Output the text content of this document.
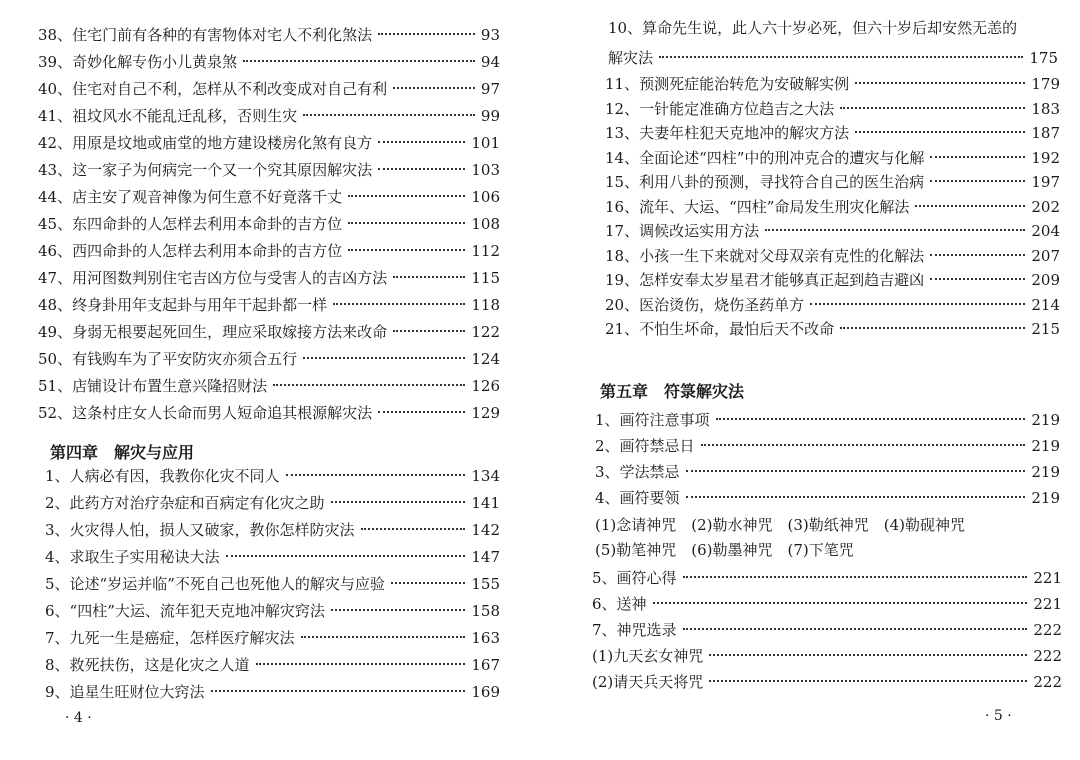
38、住宅门前有各种的有害物体对宅人不利化煞法	93
39、奇妙化解专伤小儿黄泉煞	94
40、住宅对自己不利，怎样从不利改变成对自己有利	97
41、祖坟风水不能乱迁乱移，否则生灾	99
42、用原是坟地或庙堂的地方建设楼房化煞有良方	101
43、这一家子为何病完一个又一个究其原因解灾法	103
44、店主安了观音神像为何生意不好竟落千丈	106
45、东四命卦的人怎样去利用本命卦的吉方位	108
46、西四命卦的人怎样去利用本命卦的吉方位	112
47、用河图数判别住宅吉凶方位与受害人的吉凶方法	115
48、终身卦用年支起卦与用年干起卦都一样	118
49、身弱无根要起死回生，理应采取嫁接方法来改命	122
50、有钱购车为了平安防灾亦须合五行	124
51、店铺设计布置生意兴隆招财法	126
52、这条村庄女人长命而男人短命追其根源解灾法	129
1、人病必有因，我教你化灾不同人	134
2、此药方对治疗杂症和百病定有化灾之助	141
3、火灾得人怕，损人又破家，教你怎样防灾法	142
4、求取生子实用秘诀大法	147
5、论述“岁运并临”不死自己也死他人的解灾与应验	155
6、“四柱”大运、流年犯天克地冲解灾窍法	158
7、九死一生是癌症，怎样医疗解灾法	163
8、救死扶伤，这是化灾之人道	167
9、追星生旺财位大窍法	169
第四章　解灾与应用
· 4 ·
11、预测死症能治转危为安破解实例	179
12、一针能定准确方位趋吉之大法	183
13、夫妻年柱犯天克地冲的解灾方法	187
14、全面论述“四柱”中的刑冲克合的遭灾与化解	192
15、利用八卦的预测，寻找符合自己的医生治病	197
16、流年、大运、“四柱”命局发生刑灾化解法	202
17、调候改运实用方法	204
18、小孩一生下来就对父母双亲有克性的化解法	207
19、怎样安奉太岁星君才能够真正起到趋吉避凶	209
20、医治烫伤，烧伤圣药单方	214
21、不怕生坏命，最怕后天不改命	215
1、画符注意事项	219
2、画符禁忌日	219
3、学法禁忌	219
4、画符要领	219
5、画符心得	221
6、送神	221
7、神咒选录	222
(1)九天玄女神咒	222
(2)请天兵天将咒	222
10、算命先生说，此人六十岁必死，但六十岁后却安然无恙的
解灾法	175
第五章　符箓解灾法
(1)念请神咒　(2)勒水神咒　(3)勒纸神咒　(4)勒砚神咒
(5)勒笔神咒　(6)勒墨神咒　(7)下笔咒
· 5 ·
